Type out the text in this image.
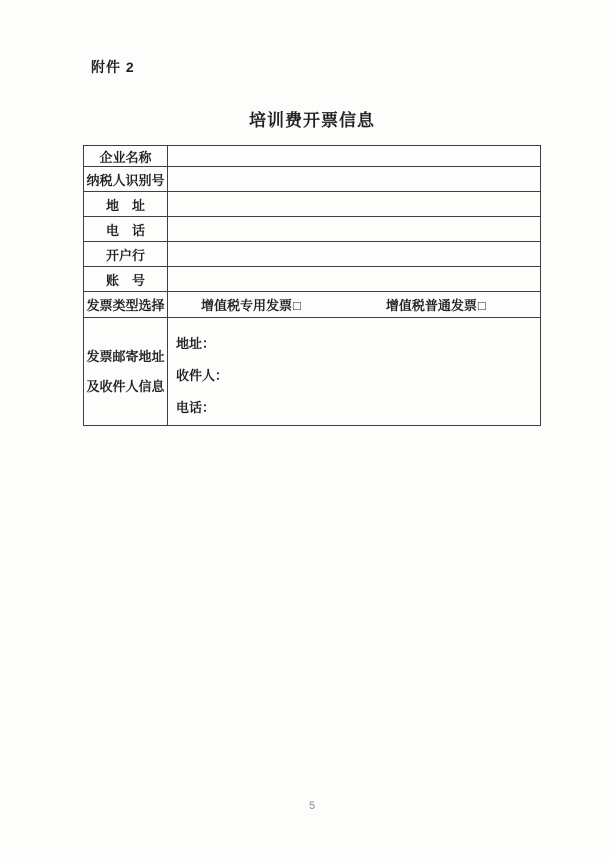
附件 2
培训费开票信息
企业名称	
纳税人识别号	
地　址	
电　话	
开户行	
账　号	
发票类型选择	增值税专用发票□ 增值税普通发票□

发票邮寄地址
及收件人信息

地址：
收件人：
电话：
5
